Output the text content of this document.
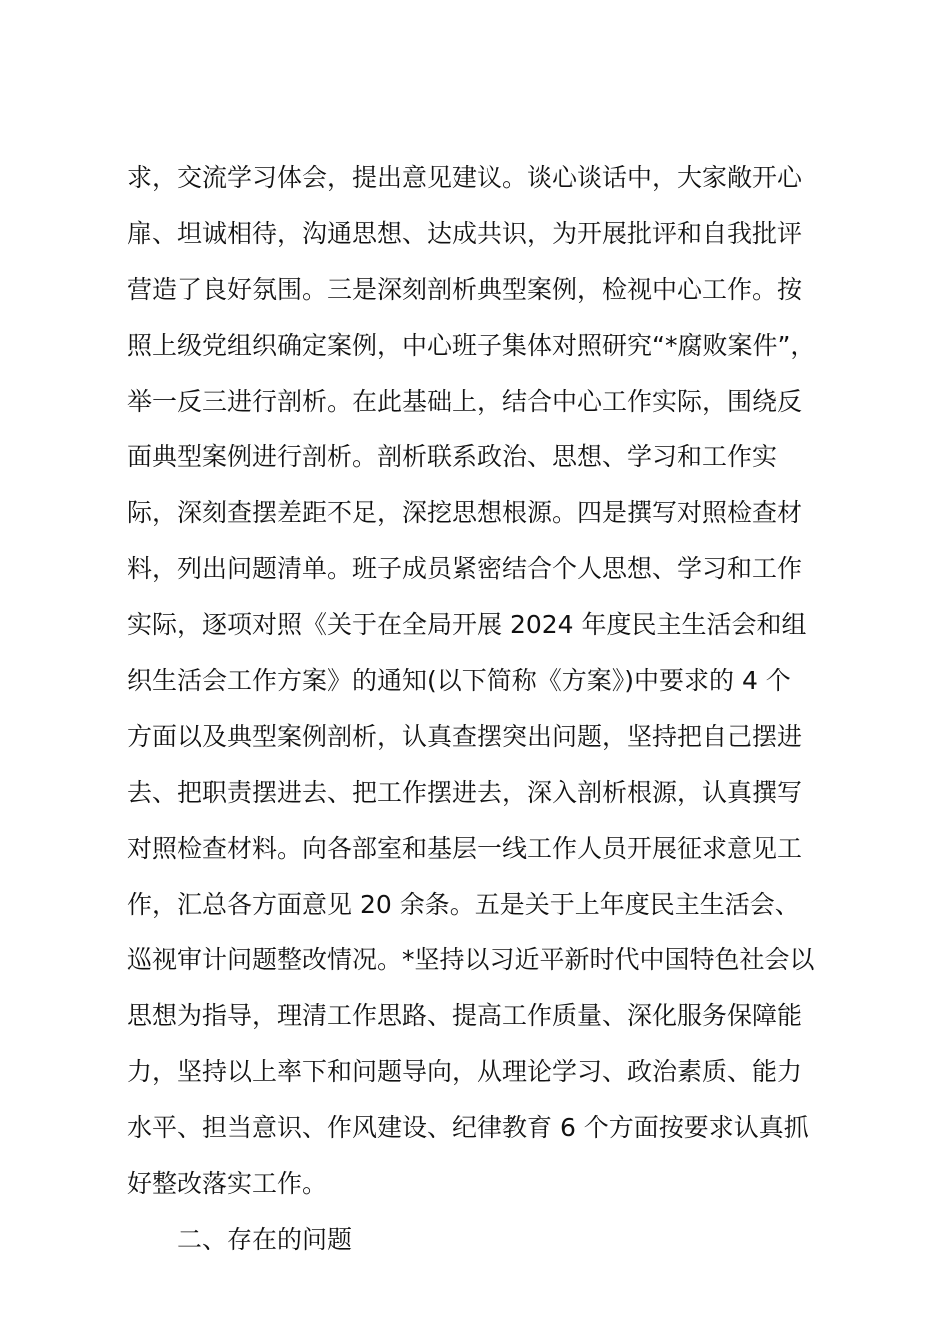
求，交流学习体会，提出意见建议。谈心谈话中，大家敞开心
扉、坦诚相待，沟通思想、达成共识，为开展批评和自我批评
营造了良好氛围。三是深刻剖析典型案例，检视中心工作。按
照上级党组织确定案例，中心班子集体对照研究“*腐败案件”，
举一反三进行剖析。在此基础上，结合中心工作实际，围绕反
面典型案例进行剖析。剖析联系政治、思想、学习和工作实
际，深刻查摆差距不足，深挖思想根源。四是撰写对照检查材
料，列出问题清单。班子成员紧密结合个人思想、学习和工作
实际，逐项对照《关于在全局开展 2024 年度民主生活会和组
织生活会工作方案》的通知(以下简称《方案》)中要求的 4 个
方面以及典型案例剖析，认真查摆突出问题，坚持把自己摆进
去、把职责摆进去、把工作摆进去，深入剖析根源，认真撰写
对照检查材料。向各部室和基层一线工作人员开展征求意见工
作，汇总各方面意见 20 余条。五是关于上年度民主生活会、
巡视审计问题整改情况。*坚持以习近平新时代中国特色社会以
思想为指导，理清工作思路、提高工作质量、深化服务保障能
力，坚持以上率下和问题导向，从理论学习、政治素质、能力
水平、担当意识、作风建设、纪律教育 6 个方面按要求认真抓
好整改落实工作。
二、存在的问题
